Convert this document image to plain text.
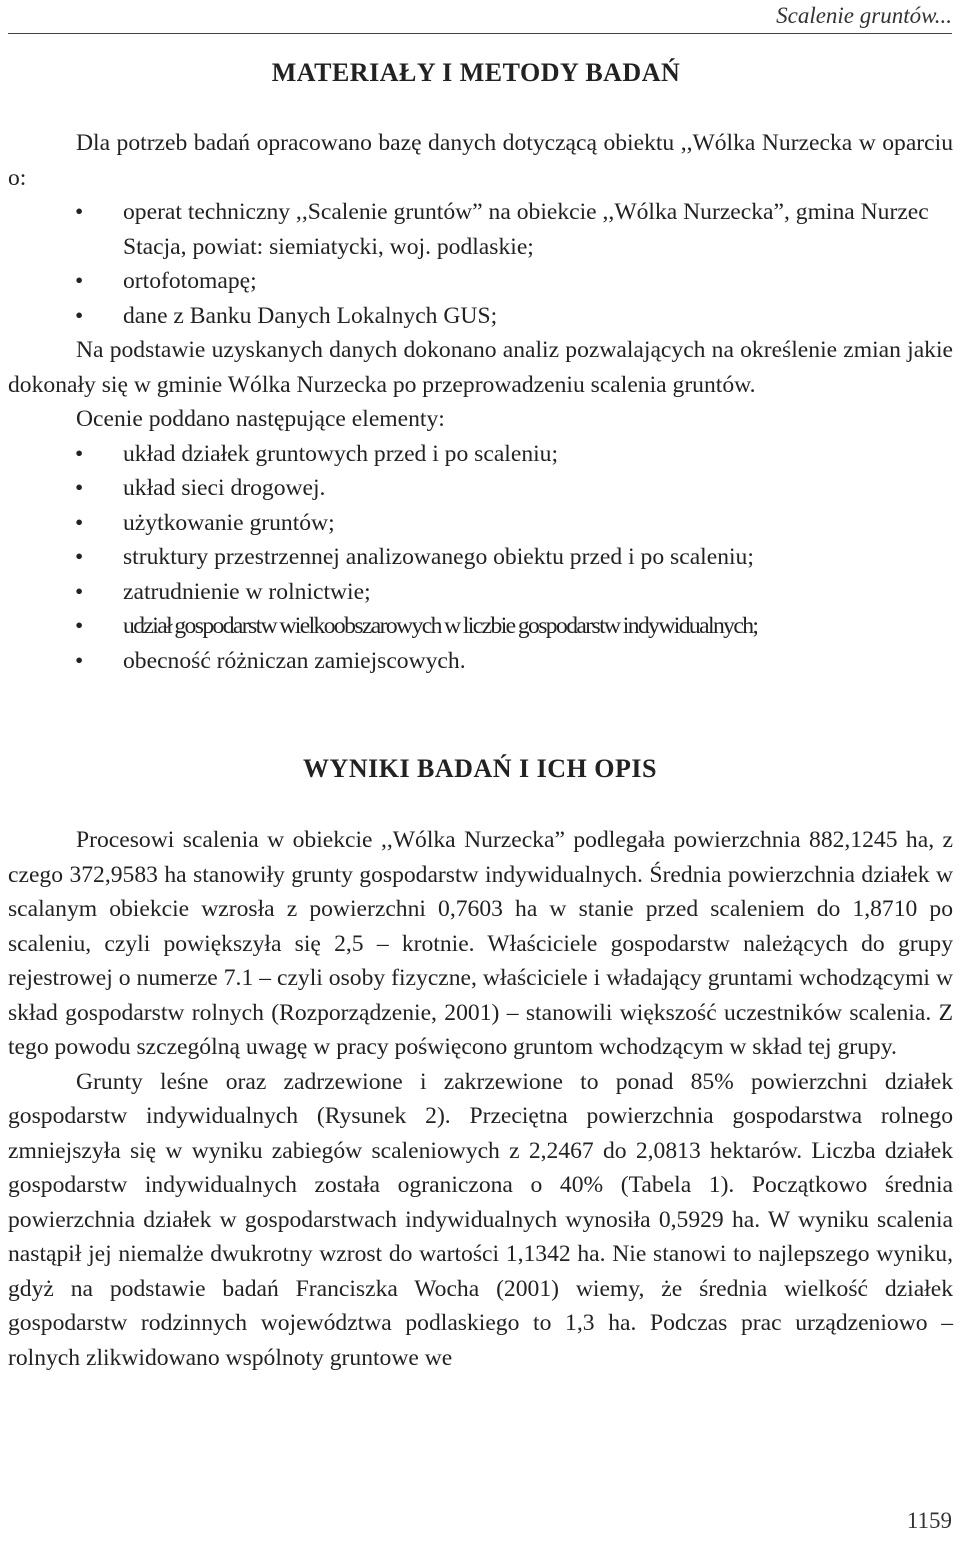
Scalenie gruntów...
MATERIAŁY I METODY BADAŃ

Dla potrzeb badań opracowano bazę danych dotyczącą obiektu ,,Wólka Nurzecka w oparciu o:

• operat techniczny ,,Scalenie gruntów” na obiekcie ,,Wólka Nurzecka”, gmina Nurzec Stacja, powiat: siemiatycki, woj. podlaskie;
• ortofotomapę;
• dane z Banku Danych Lokalnych GUS;

Na podstawie uzyskanych danych dokonano analiz pozwalających na określenie zmian jakie dokonały się w gminie Wólka Nurzecka po przeprowadzeniu scalenia gruntów.

Ocenie poddano następujące elementy:

• układ działek gruntowych przed i po scaleniu;
• układ sieci drogowej.
• użytkowanie gruntów;
• struktury przestrzennej analizowanego obiektu przed i po scaleniu;
• zatrudnienie w rolnictwie;
• udział gospodarstw wielkoobszarowych w liczbie gospodarstw indywidualnych;
• obecność różniczan zamiejscowych.
WYNIKI BADAŃ I ICH OPIS

Procesowi scalenia w obiekcie ,,Wólka Nurzecka” podlegała powierzchnia 882,1245 ha, z czego 372,9583 ha stanowiły grunty gospodarstw indywidualnych. Średnia powierzchnia działek w scalanym obiekcie wzrosła z powierzchni 0,7603 ha w stanie przed scaleniem do 1,8710 po scaleniu, czyli powiększyła się 2,5 – krotnie. Właściciele gospodarstw należących do grupy rejestrowej o numerze 7.1 – czyli osoby fizyczne, właściciele i władający gruntami wchodzącymi w skład gospodarstw rolnych (Rozporządzenie, 2001) – stanowili większość uczestników scalenia. Z tego powodu szczególną uwagę w pracy poświęcono gruntom wchodzącym w skład tej grupy.

Grunty leśne oraz zadrzewione i zakrzewione to ponad 85% powierzchni działek gospodarstw indywidualnych (Rysunek 2). Przeciętna powierzchnia gospodarstwa rolnego zmniejszyła się w wyniku zabiegów scaleniowych z 2,2467 do 2,0813 hektarów. Liczba działek gospodarstw indywidualnych została ograniczona o 40% (Tabela 1). Początkowo średnia powierzchnia działek w gospodarstwach indywidualnych wynosiła 0,5929 ha. W wyniku scalenia nastąpił jej niemalże dwukrotny wzrost do wartości 1,1342 ha. Nie stanowi to najlepszego wyniku, gdyż na podstawie badań Franciszka Wocha (2001) wiemy, że średnia wielkość działek gospodarstw rodzinnych województwa podlaskiego to 1,3 ha. Podczas prac urządzeniowo – rolnych zlikwidowano wspólnoty gruntowe we

1159
